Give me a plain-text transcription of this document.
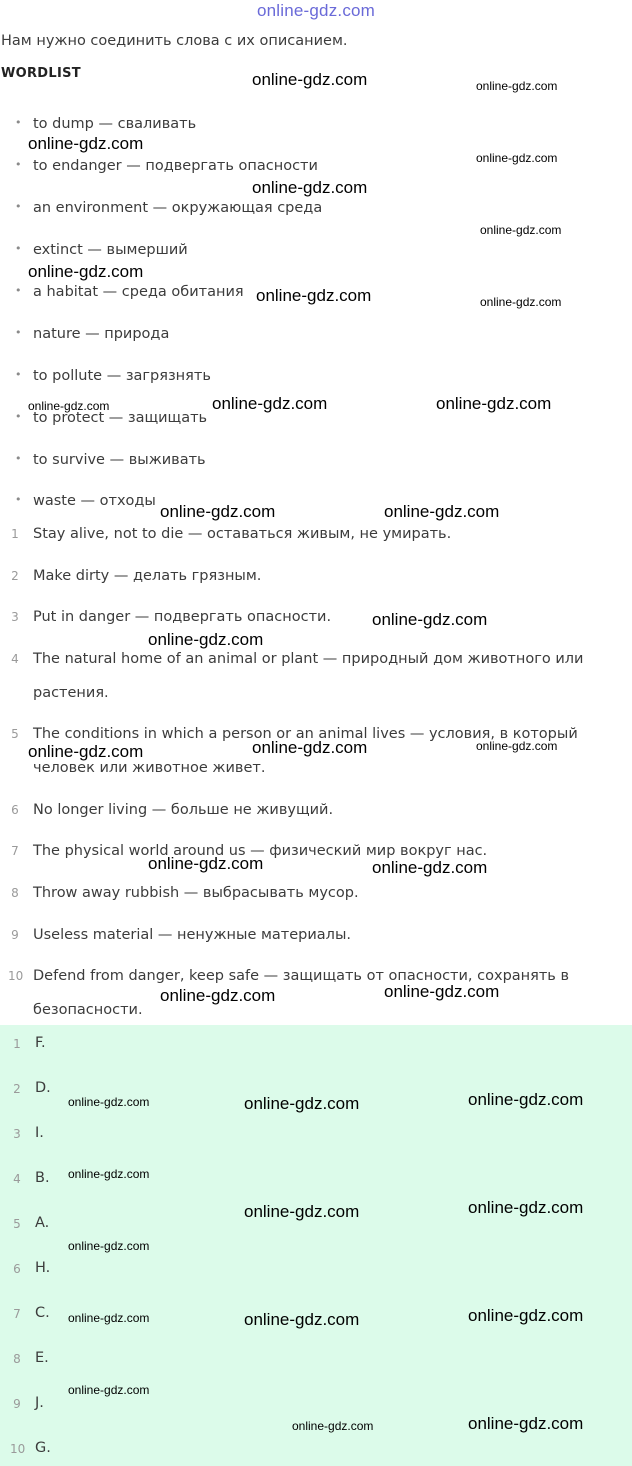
online-gdz.com
Нам нужно соединить слова с их описанием.
WORDLIST
• to dump — сваливать
• to endanger — подвергать опасности
• an environment — окружающая среда
• extinct — вымерший
• a habitat — среда обитания
• nature — природа
• to pollute — загрязнять
• to protect — защищать
• to survive — выживать
• waste — отходы
1 Stay alive, not to die — оставаться живым, не умирать.
2 Make dirty — делать грязным.
3 Put in danger — подвергать опасности.
4 The natural home of an animal or plant — природный дом животного или растения.
5 The conditions in which a person or an animal lives — условия, в который человек или животное живет.
6 No longer living — больше не живущий.
7 The physical world around us — физический мир вокруг нас.
8 Throw away rubbish — выбрасывать мусор.
9 Useless material — ненужные материалы.
10 Defend from danger, keep safe — защищать от опасности, сохранять в безопасности.
1 F.
2 D.
3 I.
4 B.
5 A.
6 H.
7 C.
8 E.
9 J.
10 G.
online-gdz.com	online-gdz.com
online-gdz.com
online-gdz.com
online-gdz.com
online-gdz.com
online-gdz.com
online-gdz.com	online-gdz.com
online-gdz.com	online-gdz.com	online-gdz.com
online-gdz.com	online-gdz.com
online-gdz.com
online-gdz.com
online-gdz.com	online-gdz.com	online-gdz.com
online-gdz.com	online-gdz.com
online-gdz.com	online-gdz.com
online-gdz.com	online-gdz.com	online-gdz.com
online-gdz.com
online-gdz.com	online-gdz.com
online-gdz.com
online-gdz.com	online-gdz.com	online-gdz.com
online-gdz.com
online-gdz.com	online-gdz.com
